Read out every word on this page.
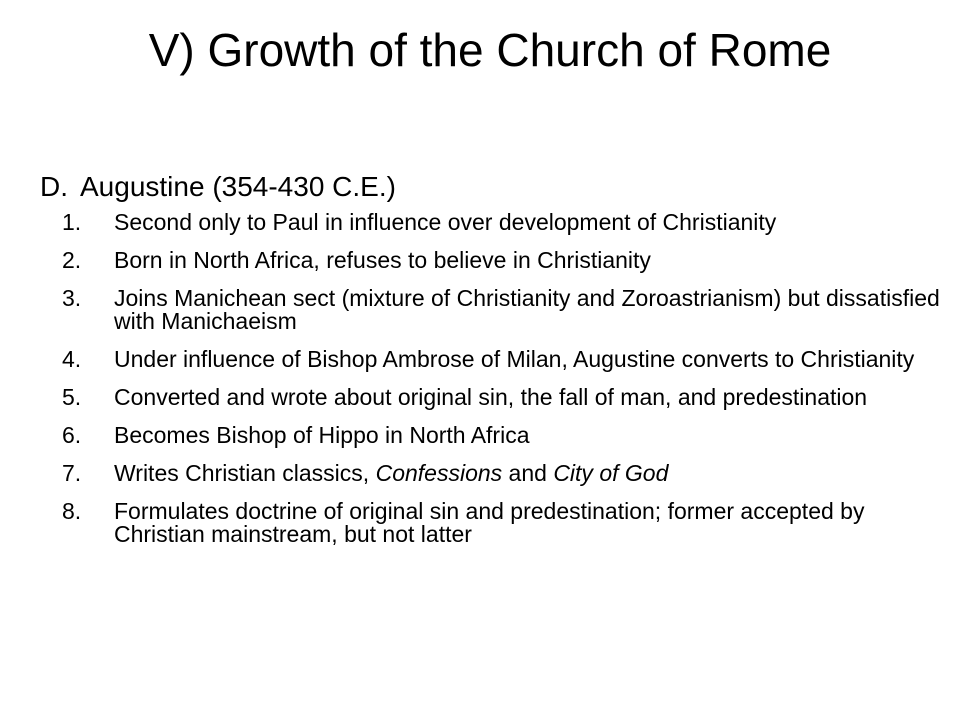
V) Growth of the Church of Rome
D. Augustine (354-430 C.E.)
1.	Second only to Paul in influence over development of Christianity
2.	Born in North Africa, refuses to believe in Christianity
3.	Joins Manichean sect (mixture of Christianity and Zoroastrianism) but dissatisfied with Manichaeism
4.	Under influence of Bishop Ambrose of Milan, Augustine converts to Christianity
5.	Converted and wrote about original sin, the fall of man, and predestination
6.	Becomes Bishop of Hippo in North Africa
7.	Writes Christian classics, Confessions and City of God
8.	Formulates doctrine of original sin and predestination; former accepted by Christian mainstream, but not latter
